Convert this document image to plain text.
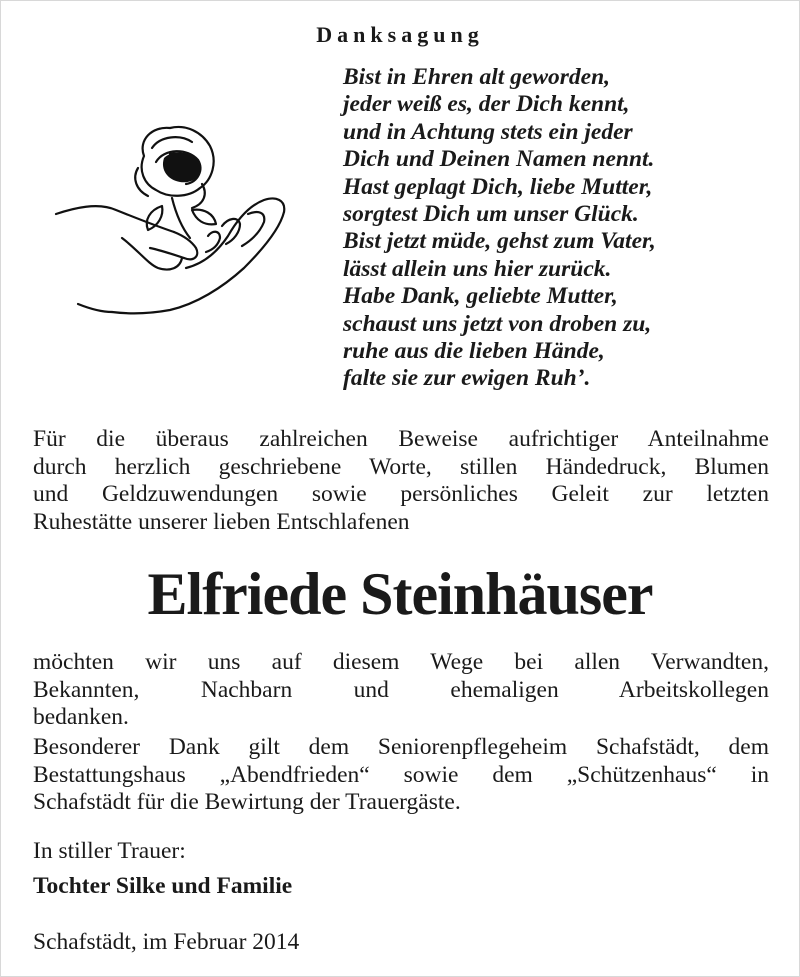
Danksagung
Bist in Ehren alt geworden,
jeder weiß es, der Dich kennt,
und in Achtung stets ein jeder
Dich und Deinen Namen nennt.
Hast geplagt Dich, liebe Mutter,
sorgtest Dich um unser Glück.
Bist jetzt müde, gehst zum Vater,
lässt allein uns hier zurück.
Habe Dank, geliebte Mutter,
schaust uns jetzt von droben zu,
ruhe aus die lieben Hände,
falte sie zur ewigen Ruh’.
Für die überaus zahlreichen Beweise aufrichtiger Anteilnahme
durch herzlich geschriebene Worte, stillen Händedruck, Blumen
und Geldzuwendungen sowie persönliches Geleit zur letzten
Ruhestätte unserer lieben Entschlafenen
Elfriede Steinhäuser
möchten wir uns auf diesem Wege bei allen Verwandten,
Bekannten, Nachbarn und ehemaligen Arbeitskollegen
bedanken.
Besonderer Dank gilt dem Seniorenpflegeheim Schafstädt, dem
Bestattungshaus „Abendfrieden“ sowie dem „Schützenhaus“ in
Schafstädt für die Bewirtung der Trauergäste.
In stiller Trauer:
Tochter Silke und Familie
Schafstädt, im Februar 2014
